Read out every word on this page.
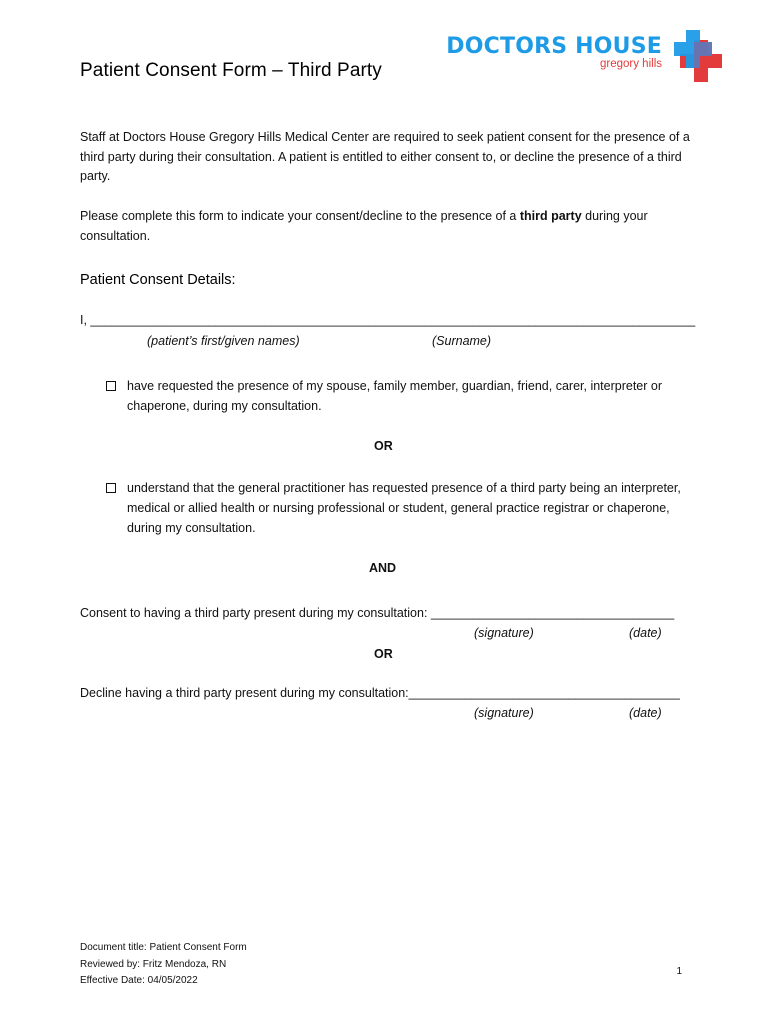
DOCTORS HOUSE
gregory hills
Patient Consent Form – Third Party
Staff at Doctors House Gregory Hills Medical Center are required to seek patient consent for the presence of a third party during their consultation. A patient is entitled to either consent to, or decline the presence of a third party.
Please complete this form to indicate your consent/decline to the presence of a third party during your consultation.
Patient Consent Details:
I, _______________________________________________________________________________________
(patient’s first/given names)	(Surname)
have requested the presence of my spouse, family member, guardian, friend, carer, interpreter or chaperone, during my consultation.
OR
understand that the general practitioner has requested presence of a third party being an interpreter, medical or allied health or nursing professional or student, general practice registrar or chaperone, during my consultation.
AND
Consent to having a third party present during my consultation: ___________________________________
(signature)	(date)
OR
Decline having a third party present during my consultation:_______________________________________
(signature)	(date)
Document title: Patient Consent Form
Reviewed by: Fritz Mendoza, RN
Effective Date: 04/05/2022
1
